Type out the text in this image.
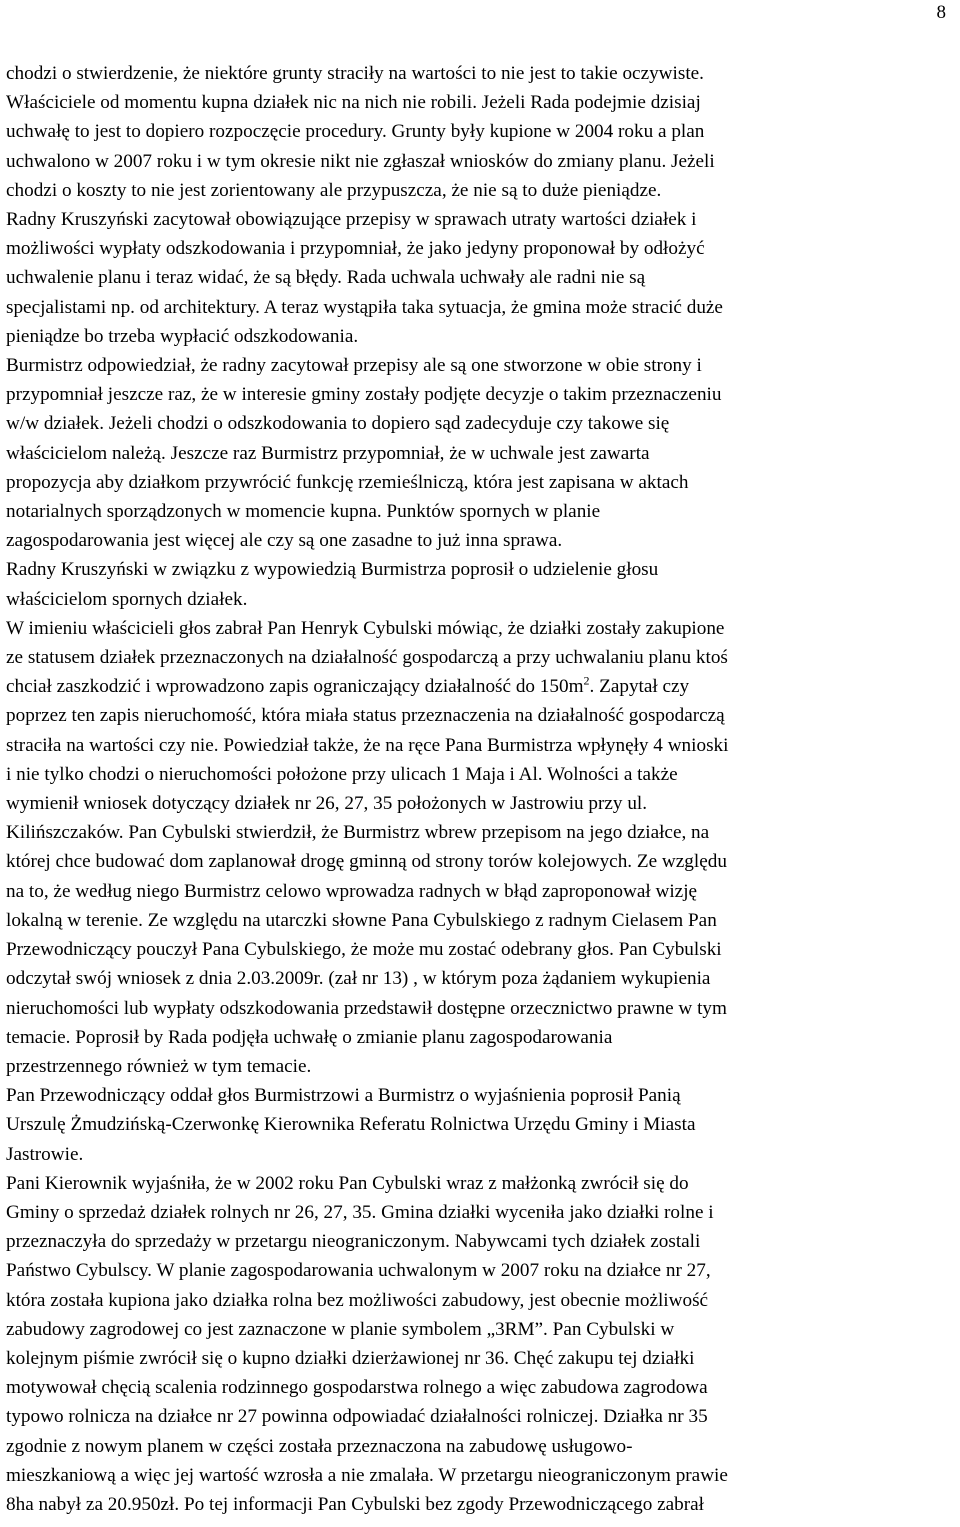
8
chodzi o stwierdzenie, że niektóre grunty straciły na wartości to nie jest to takie oczywiste.
Właściciele od momentu kupna działek nic na nich nie robili. Jeżeli Rada podejmie dzisiaj
uchwałę to jest to dopiero rozpoczęcie procedury. Grunty były kupione w 2004 roku a plan
uchwalono w 2007 roku i w tym okresie nikt nie zgłaszał wniosków do zmiany planu. Jeżeli
chodzi o koszty to nie jest zorientowany ale przypuszcza, że nie są to duże pieniądze.
Radny Kruszyński zacytował obowiązujące przepisy w sprawach utraty wartości działek i
możliwości wypłaty odszkodowania i przypomniał, że jako jedyny proponował by odłożyć
uchwalenie planu i teraz widać, że są błędy. Rada uchwala uchwały ale radni nie są
specjalistami np. od architektury. A teraz wystąpiła taka sytuacja, że gmina może stracić duże
pieniądze bo trzeba wypłacić odszkodowania.
Burmistrz odpowiedział, że radny zacytował przepisy ale są one stworzone w obie strony i
przypomniał jeszcze raz, że w interesie gminy zostały podjęte decyzje o takim przeznaczeniu
w/w działek. Jeżeli chodzi o odszkodowania to dopiero sąd zadecyduje czy takowe się
właścicielom należą. Jeszcze raz Burmistrz przypomniał, że w uchwale jest zawarta
propozycja aby działkom przywrócić funkcję rzemieślniczą, która jest zapisana w aktach
notarialnych sporządzonych w momencie kupna. Punktów spornych w planie
zagospodarowania jest więcej ale czy są one zasadne to już inna sprawa.
Radny Kruszyński w związku z wypowiedzią Burmistrza poprosił o udzielenie głosu
właścicielom spornych działek.
W imieniu właścicieli głos zabrał Pan Henryk Cybulski mówiąc, że działki zostały zakupione
ze statusem działek przeznaczonych na działalność gospodarczą a przy uchwalaniu planu ktoś
chciał zaszkodzić i wprowadzono zapis ograniczający działalność do $150m^2$. Zapytał czy
poprzez ten zapis nieruchomość, która miała status przeznaczenia na działalność gospodarczą
straciła na wartości czy nie. Powiedział także, że na ręce Pana Burmistrza wpłynęły 4 wnioski
i nie tylko chodzi o nieruchomości położone przy ulicach 1 Maja i Al. Wolności a także
wymienił wniosek dotyczący działek nr 26, 27, 35 położonych w Jastrowiu przy ul.
Kilińszczaków. Pan Cybulski stwierdził, że Burmistrz wbrew przepisom na jego działce, na
której chce budować dom zaplanował drogę gminną od strony torów kolejowych. Ze względu
na to, że według niego Burmistrz celowo wprowadza radnych w błąd zaproponował wizję
lokalną w terenie. Ze względu na utarczki słowne Pana Cybulskiego z radnym Cielasem Pan
Przewodniczący pouczył Pana Cybulskiego, że może mu zostać odebrany głos. Pan Cybulski
odczytał swój wniosek z dnia 2.03.2009r. (zał nr 13) , w którym poza żądaniem wykupienia
nieruchomości lub wypłaty odszkodowania przedstawił dostępne orzecznictwo prawne w tym
temacie. Poprosił by Rada podjęła uchwałę o zmianie planu zagospodarowania
przestrzennego również w tym temacie.
Pan Przewodniczący oddał głos Burmistrzowi a Burmistrz o wyjaśnienia poprosił Panią
Urszulę Żmudzińską-Czerwonkę Kierownika Referatu Rolnictwa Urzędu Gminy i Miasta
Jastrowie.
Pani Kierownik wyjaśniła, że w 2002 roku Pan Cybulski wraz z małżonką zwrócił się do
Gminy o sprzedaż działek rolnych nr 26, 27, 35. Gmina działki wyceniła jako działki rolne i
przeznaczyła do sprzedaży w przetargu nieograniczonym. Nabywcami tych działek zostali
Państwo Cybulscy. W planie zagospodarowania uchwalonym w 2007 roku na działce nr 27,
która została kupiona jako działka rolna bez możliwości zabudowy, jest obecnie możliwość
zabudowy zagrodowej co jest zaznaczone w planie symbolem „3RM”. Pan Cybulski w
kolejnym piśmie zwrócił się o kupno działki dzierżawionej nr 36. Chęć zakupu tej działki
motywował chęcią scalenia rodzinnego gospodarstwa rolnego a więc zabudowa zagrodowa
typowo rolnicza na działce nr 27 powinna odpowiadać działalności rolniczej. Działka nr 35
zgodnie z nowym planem w części została przeznaczona na zabudowę usługowo-
mieszkaniową a więc jej wartość wzrosła a nie zmalała. W przetargu nieograniczonym prawie
8ha nabył za 20.950zł. Po tej informacji Pan Cybulski bez zgody Przewodniczącego zabrał
